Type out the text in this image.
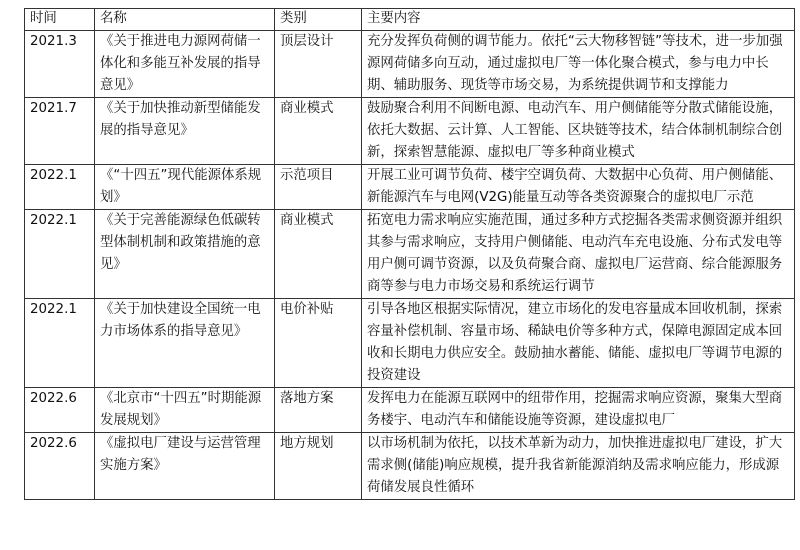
时间	名称	类别	主要内容
2021.3	《关于推进电力源网荷储一体化和多能互补发展的指导意见》	顶层设计	充分发挥负荷侧的调节能力。依托“云大物移智链”等技术，进一步加强源网荷储多向互动，通过虚拟电厂等一体化聚合模式，参与电力中长期、辅助服务、现货等市场交易，为系统提供调节和支撑能力
2021.7	《关于加快推动新型储能发展的指导意见》	商业模式	鼓励聚合利用不间断电源、电动汽车、用户侧储能等分散式储能设施，依托大数据、云计算、人工智能、区块链等技术，结合体制机制综合创新，探索智慧能源、虚拟电厂等多种商业模式
2022.1	《“十四五”现代能源体系规划》	示范项目	开展工业可调节负荷、楼宇空调负荷、大数据中心负荷、用户侧储能、新能源汽车与电网(V2G)能量互动等各类资源聚合的虚拟电厂示范
2022.1	《关于完善能源绿色低碳转型体制机制和政策措施的意见》	商业模式	拓宽电力需求响应实施范围，通过多种方式挖掘各类需求侧资源并组织其参与需求响应，支持用户侧储能、电动汽车充电设施、分布式发电等用户侧可调节资源，以及负荷聚合商、虚拟电厂运营商、综合能源服务商等参与电力市场交易和系统运行调节
2022.1	《关于加快建设全国统一电力市场体系的指导意见》	电价补贴	引导各地区根据实际情况，建立市场化的发电容量成本回收机制，探索容量补偿机制、容量市场、稀缺电价等多种方式，保障电源固定成本回收和长期电力供应安全。鼓励抽水蓄能、储能、虚拟电厂等调节电源的投资建设
2022.6	《北京市“十四五”时期能源发展规划》	落地方案	发挥电力在能源互联网中的纽带作用，挖掘需求响应资源，聚集大型商务楼宇、电动汽车和储能设施等资源，建设虚拟电厂
2022.6	《虚拟电厂建设与运营管理实施方案》	地方规划	以市场机制为依托，以技术革新为动力，加快推进虚拟电厂建设，扩大需求侧(储能)响应规模，提升我省新能源消纳及需求响应能力，形成源荷储发展良性循环
